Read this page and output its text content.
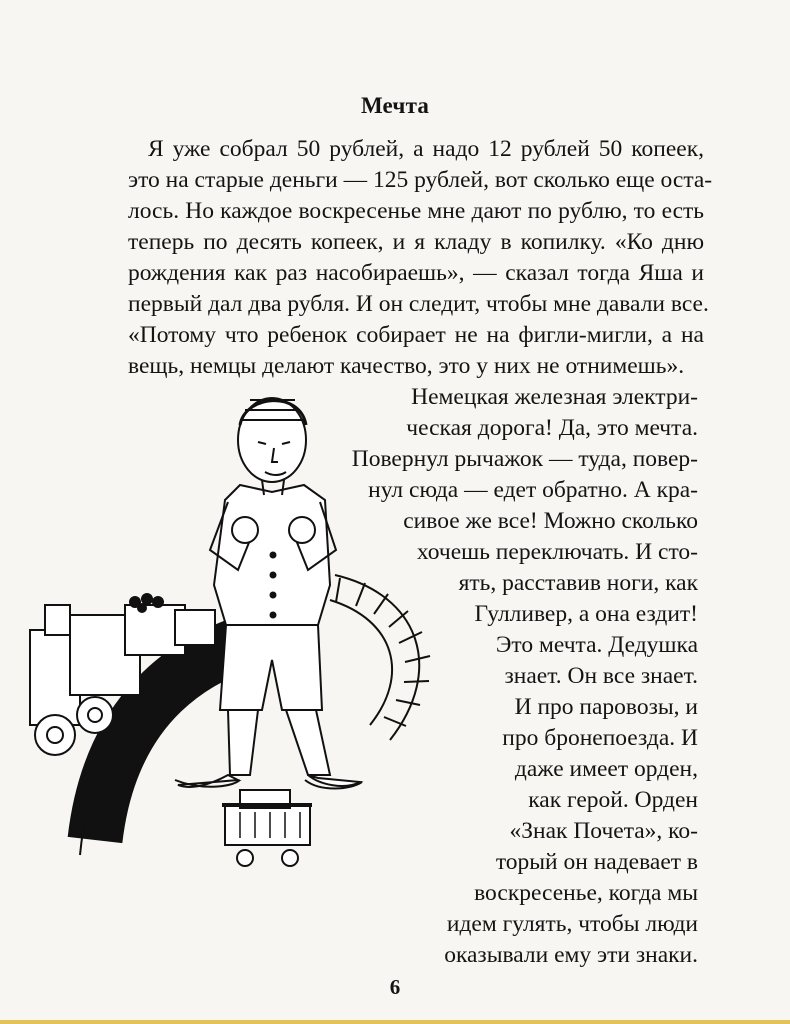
Мечта
Я уже собрал 50 рублей, а надо 12 рублей 50 копеек,
это на старые деньги — 125 рублей, вот сколько еще оста-
лось. Но каждое воскресенье мне дают по рублю, то есть
теперь по десять копеек, и я кладу в копилку. «Ко дню
рождения как раз насобираешь», — сказал тогда Яша и
первый дал два рубля. И он следит, чтобы мне давали все.
«Потому что ребенок собирает не на фигли-мигли, а на
вещь, немцы делают качество, это у них не отнимешь».
Немецкая железная электри-
ческая дорога! Да, это мечта.
Повернул рычажок — туда, повер-
нул сюда — едет обратно. А кра-
сивое же все! Можно сколько
хочешь переключать. И сто-
ять, расставив ноги, как
Гулливер, а она ездит!
Это мечта. Дедушка
знает. Он все знает.
И про паровозы, и
про бронепоезда. И
даже имеет орден,
как герой. Орден
«Знак Почета», ко-
торый он надевает в
воскресенье, когда мы
идем гулять, чтобы люди
оказывали ему эти знаки.
6
